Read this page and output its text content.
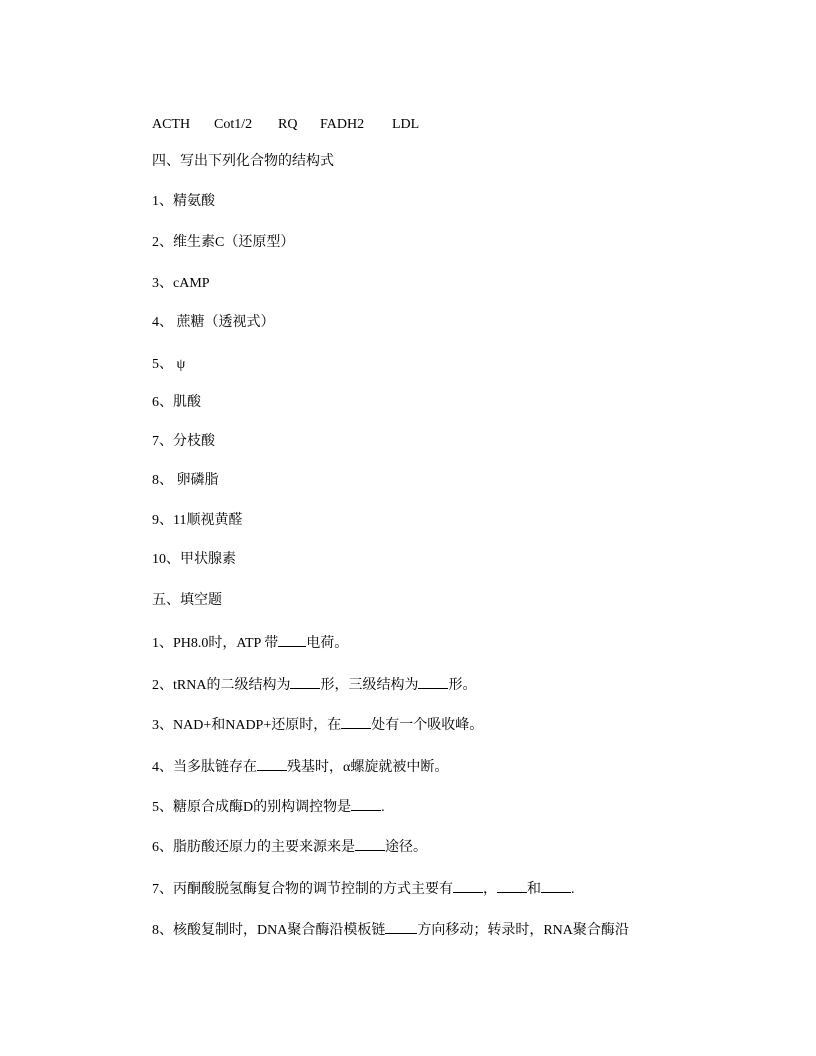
ACTH Cot1/2 RQ FADH2 LDL
四、写出下列化合物的结构式
1、精氨酸
2、维生素C（还原型）
3、cAMP
4、 蔗糖（透视式）
5、 ψ
6、肌酸
7、分枝酸
8、 卵磷脂
9、11顺视黄醛
10、甲状腺素
五、填空题
1、PH8.0时，ATP 带 电荷。
2、tRNA的二级结构为 形，三级结构为 形。
3、NAD+和NADP+还原时，在 处有一个吸收峰。
4、当多肽链存在 残基时，α螺旋就被中断。
5、糖原合成酶D的别构调控物是 .
6、脂肪酸还原力的主要来源来是 途径。
7、丙酮酸脱氢酶复合物的调节控制的方式主要有 ， 和 .
8、核酸复制时，DNA聚合酶沿模板链 方向移动；转录时，RNA聚合酶沿
